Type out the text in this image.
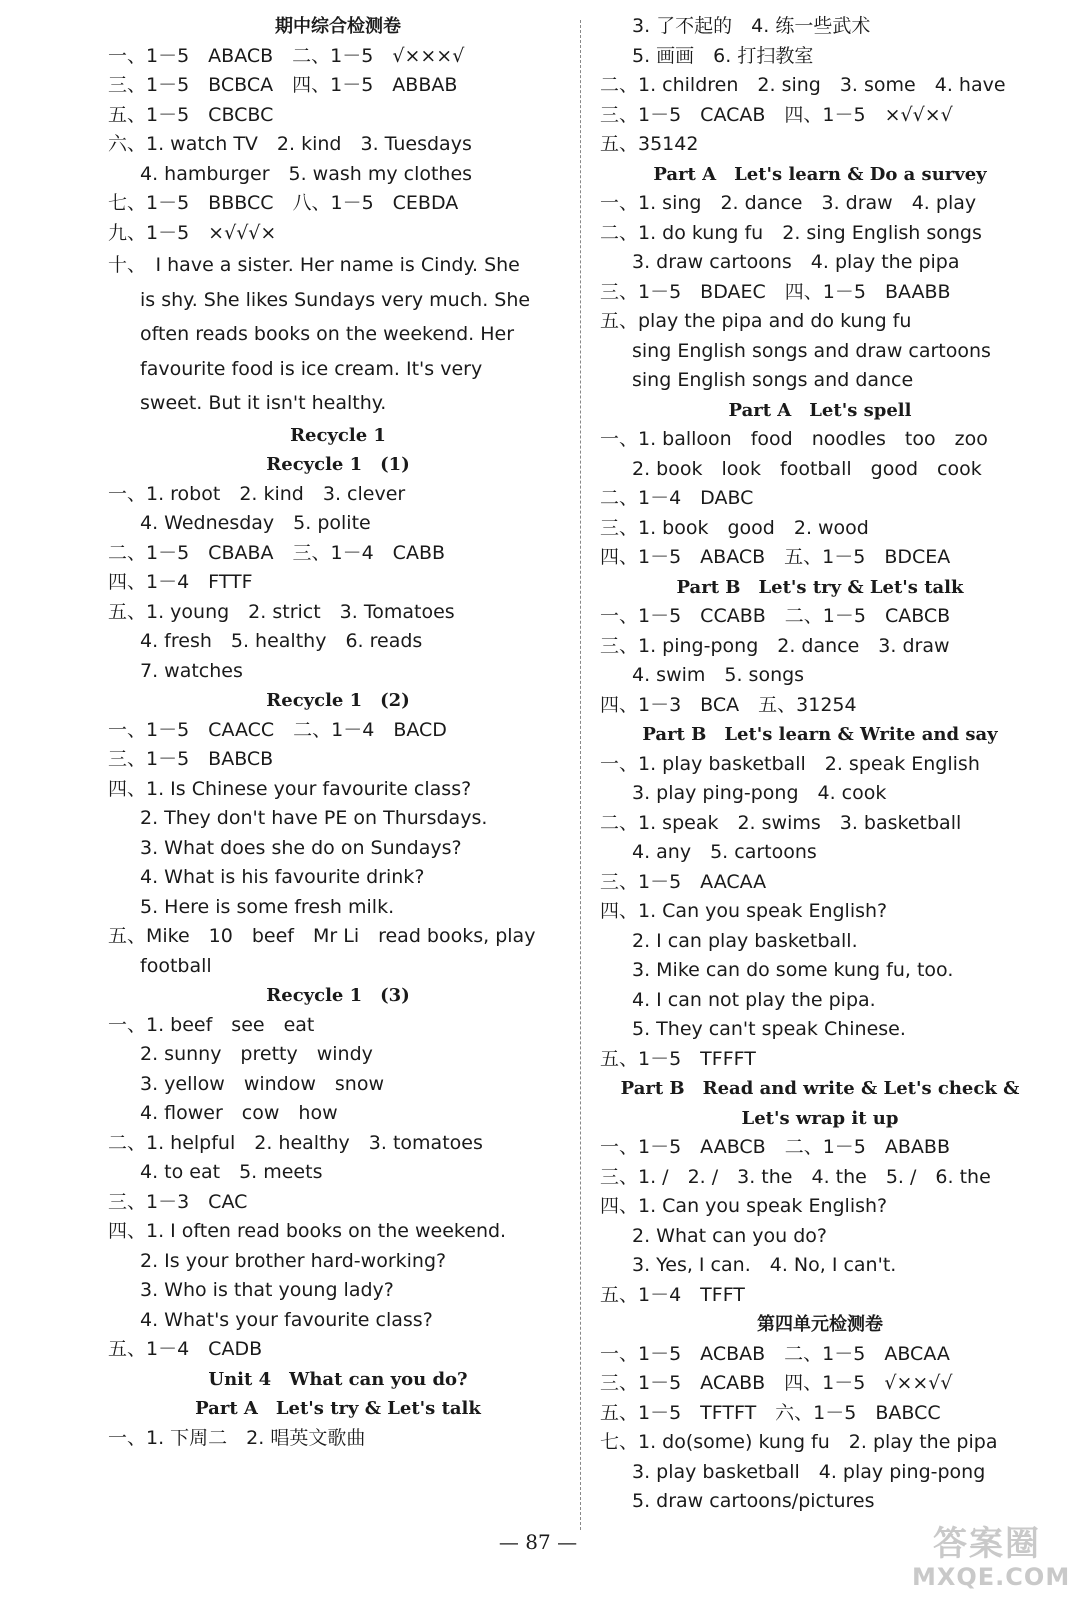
期中综合检测卷
一、1－5　ABACB　二、1－5　√×××√
三、1－5　BCBCA　四、1－5　ABBAB
五、1－5　CBCBC
六、1. watch TV　2. kind　3. Tuesdays
4. hamburger　5. wash my clothes
七、1－5　BBBCC　八、1－5　CEBDA
九、1－5　×√√√×
十、　I have a sister. Her name is Cindy. She
is shy. She likes Sundays very much. She
often reads books on the weekend. Her
favourite food is ice cream. It's very
sweet. But it isn't healthy.
Recycle 1
Recycle 1　(1)
一、1. robot　2. kind　3. clever
4. Wednesday　5. polite
二、1－5　CBABA　三、1－4　CABB
四、1－4　FTTF
五、1. young　2. strict　3. Tomatoes
4. fresh　5. healthy　6. reads
7. watches
Recycle 1　(2)
一、1－5　CAACC　二、1－4　BACD
三、1－5　BABCB
四、1. Is Chinese your favourite class?
2. They don't have PE on Thursdays.
3. What does she do on Sundays?
4. What is his favourite drink?
5. Here is some fresh milk.
五、Mike　10　beef　Mr Li　read books, play
football
Recycle 1　(3)
一、1. beef　see　eat
2. sunny　pretty　windy
3. yellow　window　snow
4. flower　cow　how
二、1. helpful　2. healthy　3. tomatoes
4. to eat　5. meets
三、1－3　CAC
四、1. I often read books on the weekend.
2. Is your brother hard-working?
3. Who is that young lady?
4. What's your favourite class?
五、1－4　CADB
Unit 4　What can you do?
Part A　Let's try & Let's talk
一、1. 下周二　2. 唱英文歌曲
3. 了不起的　4. 练一些武术
5. 画画　6. 打扫教室
二、1. children　2. sing　3. some　4. have
三、1－5　CACAB　四、1－5　×√√×√
五、35142
Part A　Let's learn & Do a survey
一、1. sing　2. dance　3. draw　4. play
二、1. do kung fu　2. sing English songs
3. draw cartoons　4. play the pipa
三、1－5　BDAEC　四、1－5　BAABB
五、play the pipa and do kung fu
sing English songs and draw cartoons
sing English songs and dance
Part A　Let's spell
一、1. balloon　food　noodles　too　zoo
2. book　look　football　good　cook
二、1－4　DABC
三、1. book　good　2. wood
四、1－5　ABACB　五、1－5　BDCEA
Part B　Let's try & Let's talk
一、1－5　CCABB　二、1－5　CABCB
三、1. ping-pong　2. dance　3. draw
4. swim　5. songs
四、1－3　BCA　五、31254
Part B　Let's learn & Write and say
一、1. play basketball　2. speak English
3. play ping-pong　4. cook
二、1. speak　2. swims　3. basketball
4. any　5. cartoons
三、1－5　AACAA
四、1. Can you speak English?
2. I can play basketball.
3. Mike can do some kung fu, too.
4. I can not play the pipa.
5. They can't speak Chinese.
五、1－5　TFFFT
Part B　Read and write & Let's check &
Let's wrap it up
一、1－5　AABCB　二、1－5　ABABB
三、1. /　2. /　3. the　4. the　5. /　6. the
四、1. Can you speak English?
2. What can you do?
3. Yes, I can.　4. No, I can't.
五、1－4　TFFT
第四单元检测卷
一、1－5　ACBAB　二、1－5　ABCAA
三、1－5　ACABB　四、1－5　√××√√
五、1－5　TFTFT　六、1－5　BABCC
七、1. do(some) kung fu　2. play the pipa
3. play basketball　4. play ping-pong
5. draw cartoons/pictures
— 87 —	答案圈
MXQE.COM
